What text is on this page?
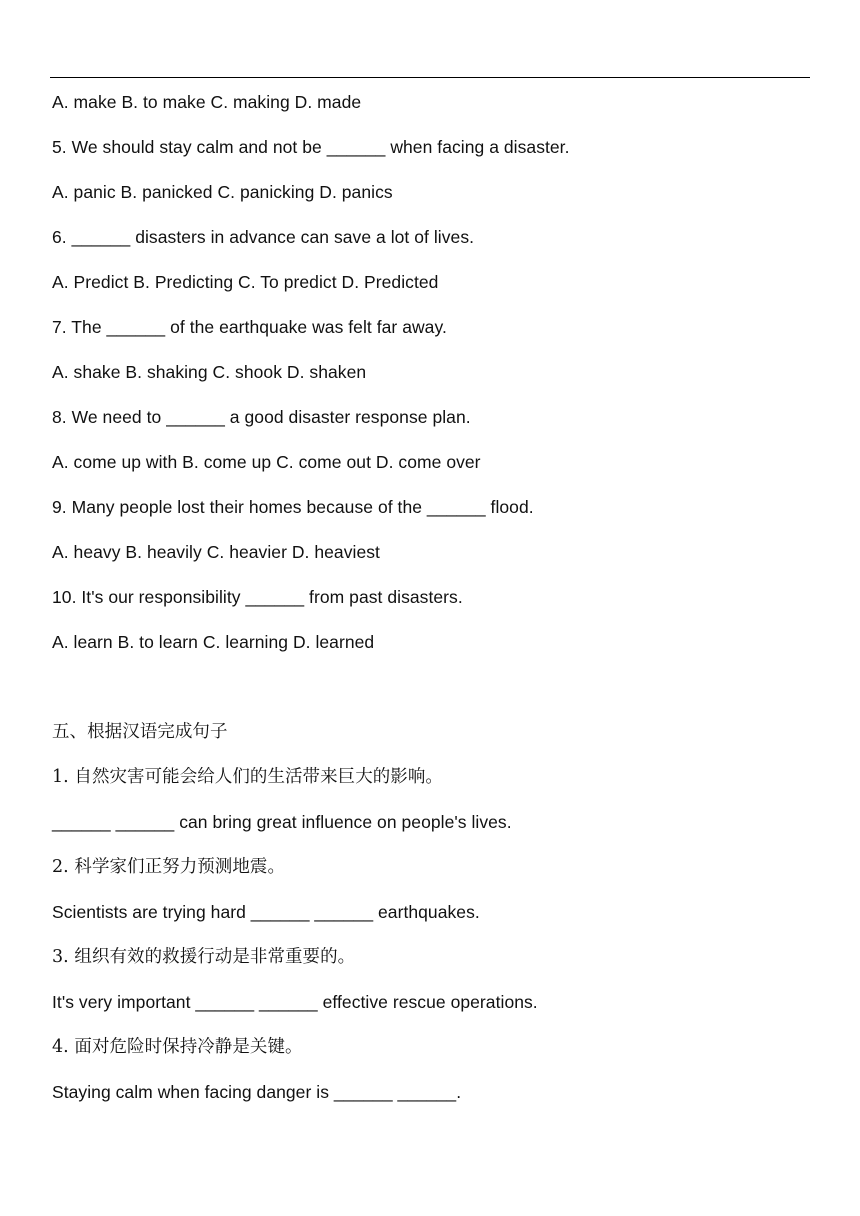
A. make B. to make C. making D. made
5. We should stay calm and not be ______ when facing a disaster.
A. panic B. panicked C. panicking D. panics
6. ______ disasters in advance can save a lot of lives.
A. Predict B. Predicting C. To predict D. Predicted
7. The ______ of the earthquake was felt far away.
A. shake B. shaking C. shook D. shaken
8. We need to ______ a good disaster response plan.
A. come up with B. come up C. come out D. come over
9. Many people lost their homes because of the ______ flood.
A. heavy B. heavily C. heavier D. heaviest
10. It's our responsibility ______ from past disasters.
A. learn B. to learn C. learning D. learned
五、根据汉语完成句子
1. 自然灾害可能会给人们的生活带来巨大的影响。
______ ______ can bring great influence on people's lives.
2. 科学家们正努力预测地震。
Scientists are trying hard ______ ______ earthquakes.
3. 组织有效的救援行动是非常重要的。
It's very important ______ ______ effective rescue operations.
4. 面对危险时保持冷静是关键。
Staying calm when facing danger is ______ ______.
